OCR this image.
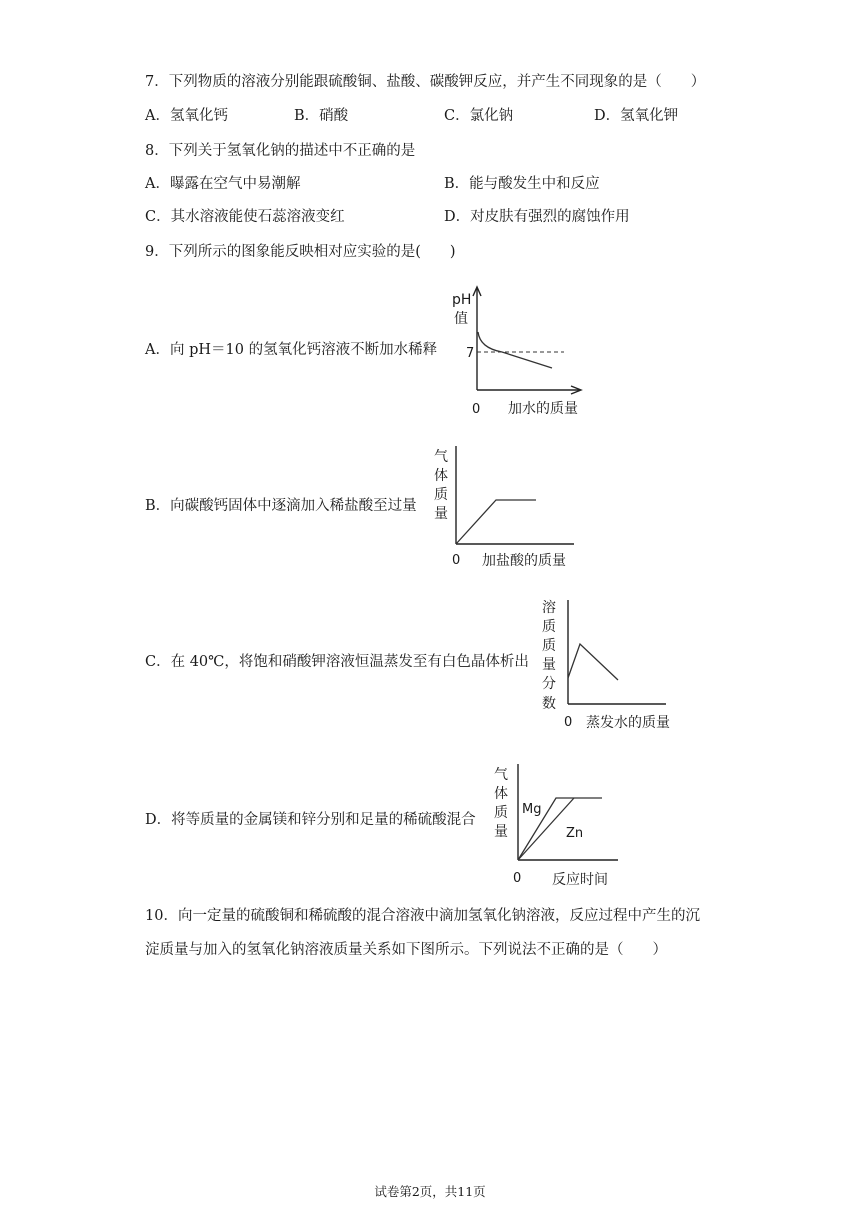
7．下列物质的溶液分别能跟硫酸铜、盐酸、碳酸钾反应，并产生不同现象的是（　　）
A．氢氧化钙	B．硝酸	C．氯化钠	D．氢氧化钾
8．下列关于氢氧化钠的描述中不正确的是
A．曝露在空气中易潮解	B．能与酸发生中和反应
C．其水溶液能使石蕊溶液变红	D．对皮肤有强烈的腐蚀作用
9．下列所示的图象能反映相对应实验的是(　　)
A．向 pH＝10 的氢氧化钙溶液不断加水稀释
pH
值
7
0 加水的质量
B．向碳酸钙固体中逐滴加入稀盐酸至过量
气
体
质
量
0 加盐酸的质量
C．在 40℃，将饱和硝酸钾溶液恒温蒸发至有白色晶体析出
溶
质
质
量
分
数
0 蒸发水的质量
D．将等质量的金属镁和锌分别和足量的稀硫酸混合
气
体
质
量
Mg
Zn
0 反应时间
10．向一定量的硫酸铜和稀硫酸的混合溶液中滴加氢氧化钠溶液，反应过程中产生的沉
淀质量与加入的氢氧化钠溶液质量关系如下图所示。下列说法不正确的是（　　）
试卷第2页，共11页
